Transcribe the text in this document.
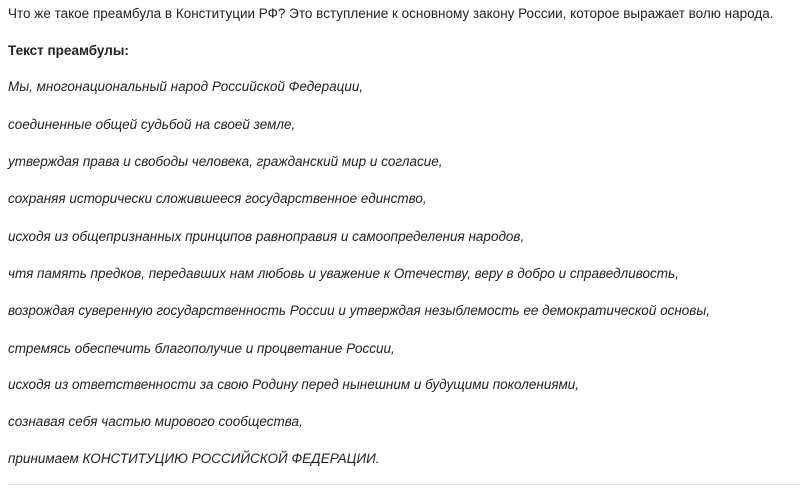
Что же такое преамбула в Конституции РФ? Это вступление к основному закону России, которое выражает волю народа.
Текст преамбулы:
Мы, многонациональный народ Российской Федерации,
соединенные общей судьбой на своей земле,
утверждая права и свободы человека, гражданский мир и согласие,
сохраняя исторически сложившееся государственное единство,
исходя из общепризнанных принципов равноправия и самоопределения народов,
чтя память предков, передавших нам любовь и уважение к Отечеству, веру в добро и справедливость,
возрождая суверенную государственность России и утверждая незыблемость ее демократической основы,
стремясь обеспечить благополучие и процветание России,
исходя из ответственности за свою Родину перед нынешним и будущими поколениями,
сознавая себя частью мирового сообщества,
принимаем КОНСТИТУЦИЮ РОССИЙСКОЙ ФЕДЕРАЦИИ.
